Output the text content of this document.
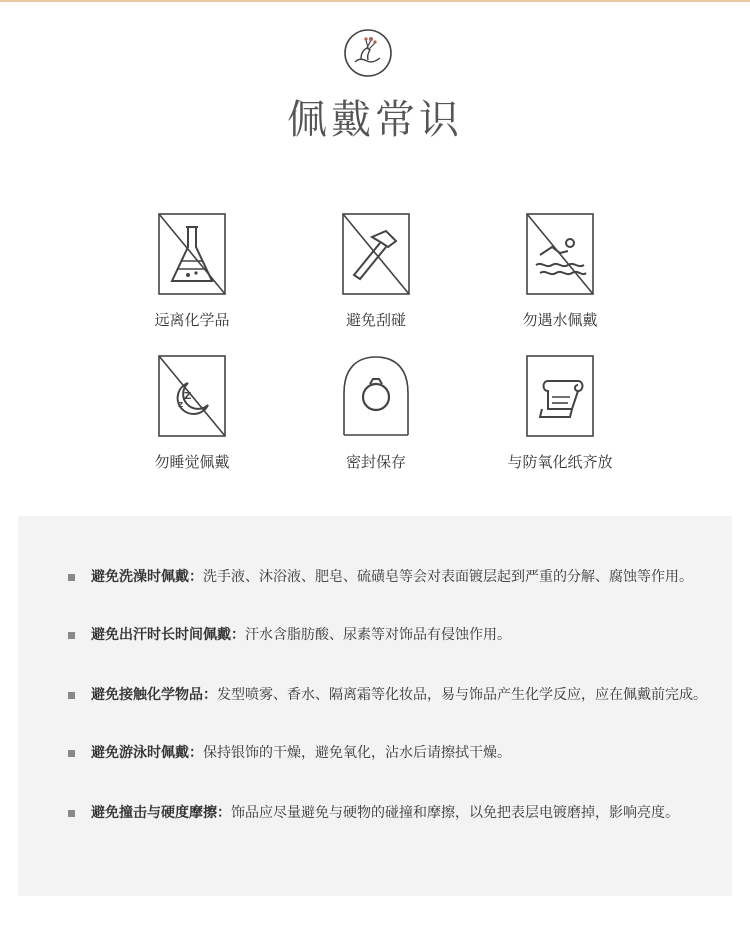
佩戴常识
远离化学品	避免刮碰	勿遇水佩戴
Z
Z
勿睡觉佩戴	密封保存	与防氧化纸齐放
避免洗澡时佩戴：洗手液、沐浴液、肥皂、硫磺皂等会对表面镀层起到严重的分解、腐蚀等作用。
避免出汗时长时间佩戴：汗水含脂肪酸、尿素等对饰品有侵蚀作用。
避免接触化学物品：发型喷雾、香水、隔离霜等化妆品，易与饰品产生化学反应，应在佩戴前完成。
避免游泳时佩戴：保持银饰的干燥，避免氧化，沾水后请擦拭干燥。
避免撞击与硬度摩擦：饰品应尽量避免与硬物的碰撞和摩擦，以免把表层电镀磨掉，影响亮度。
